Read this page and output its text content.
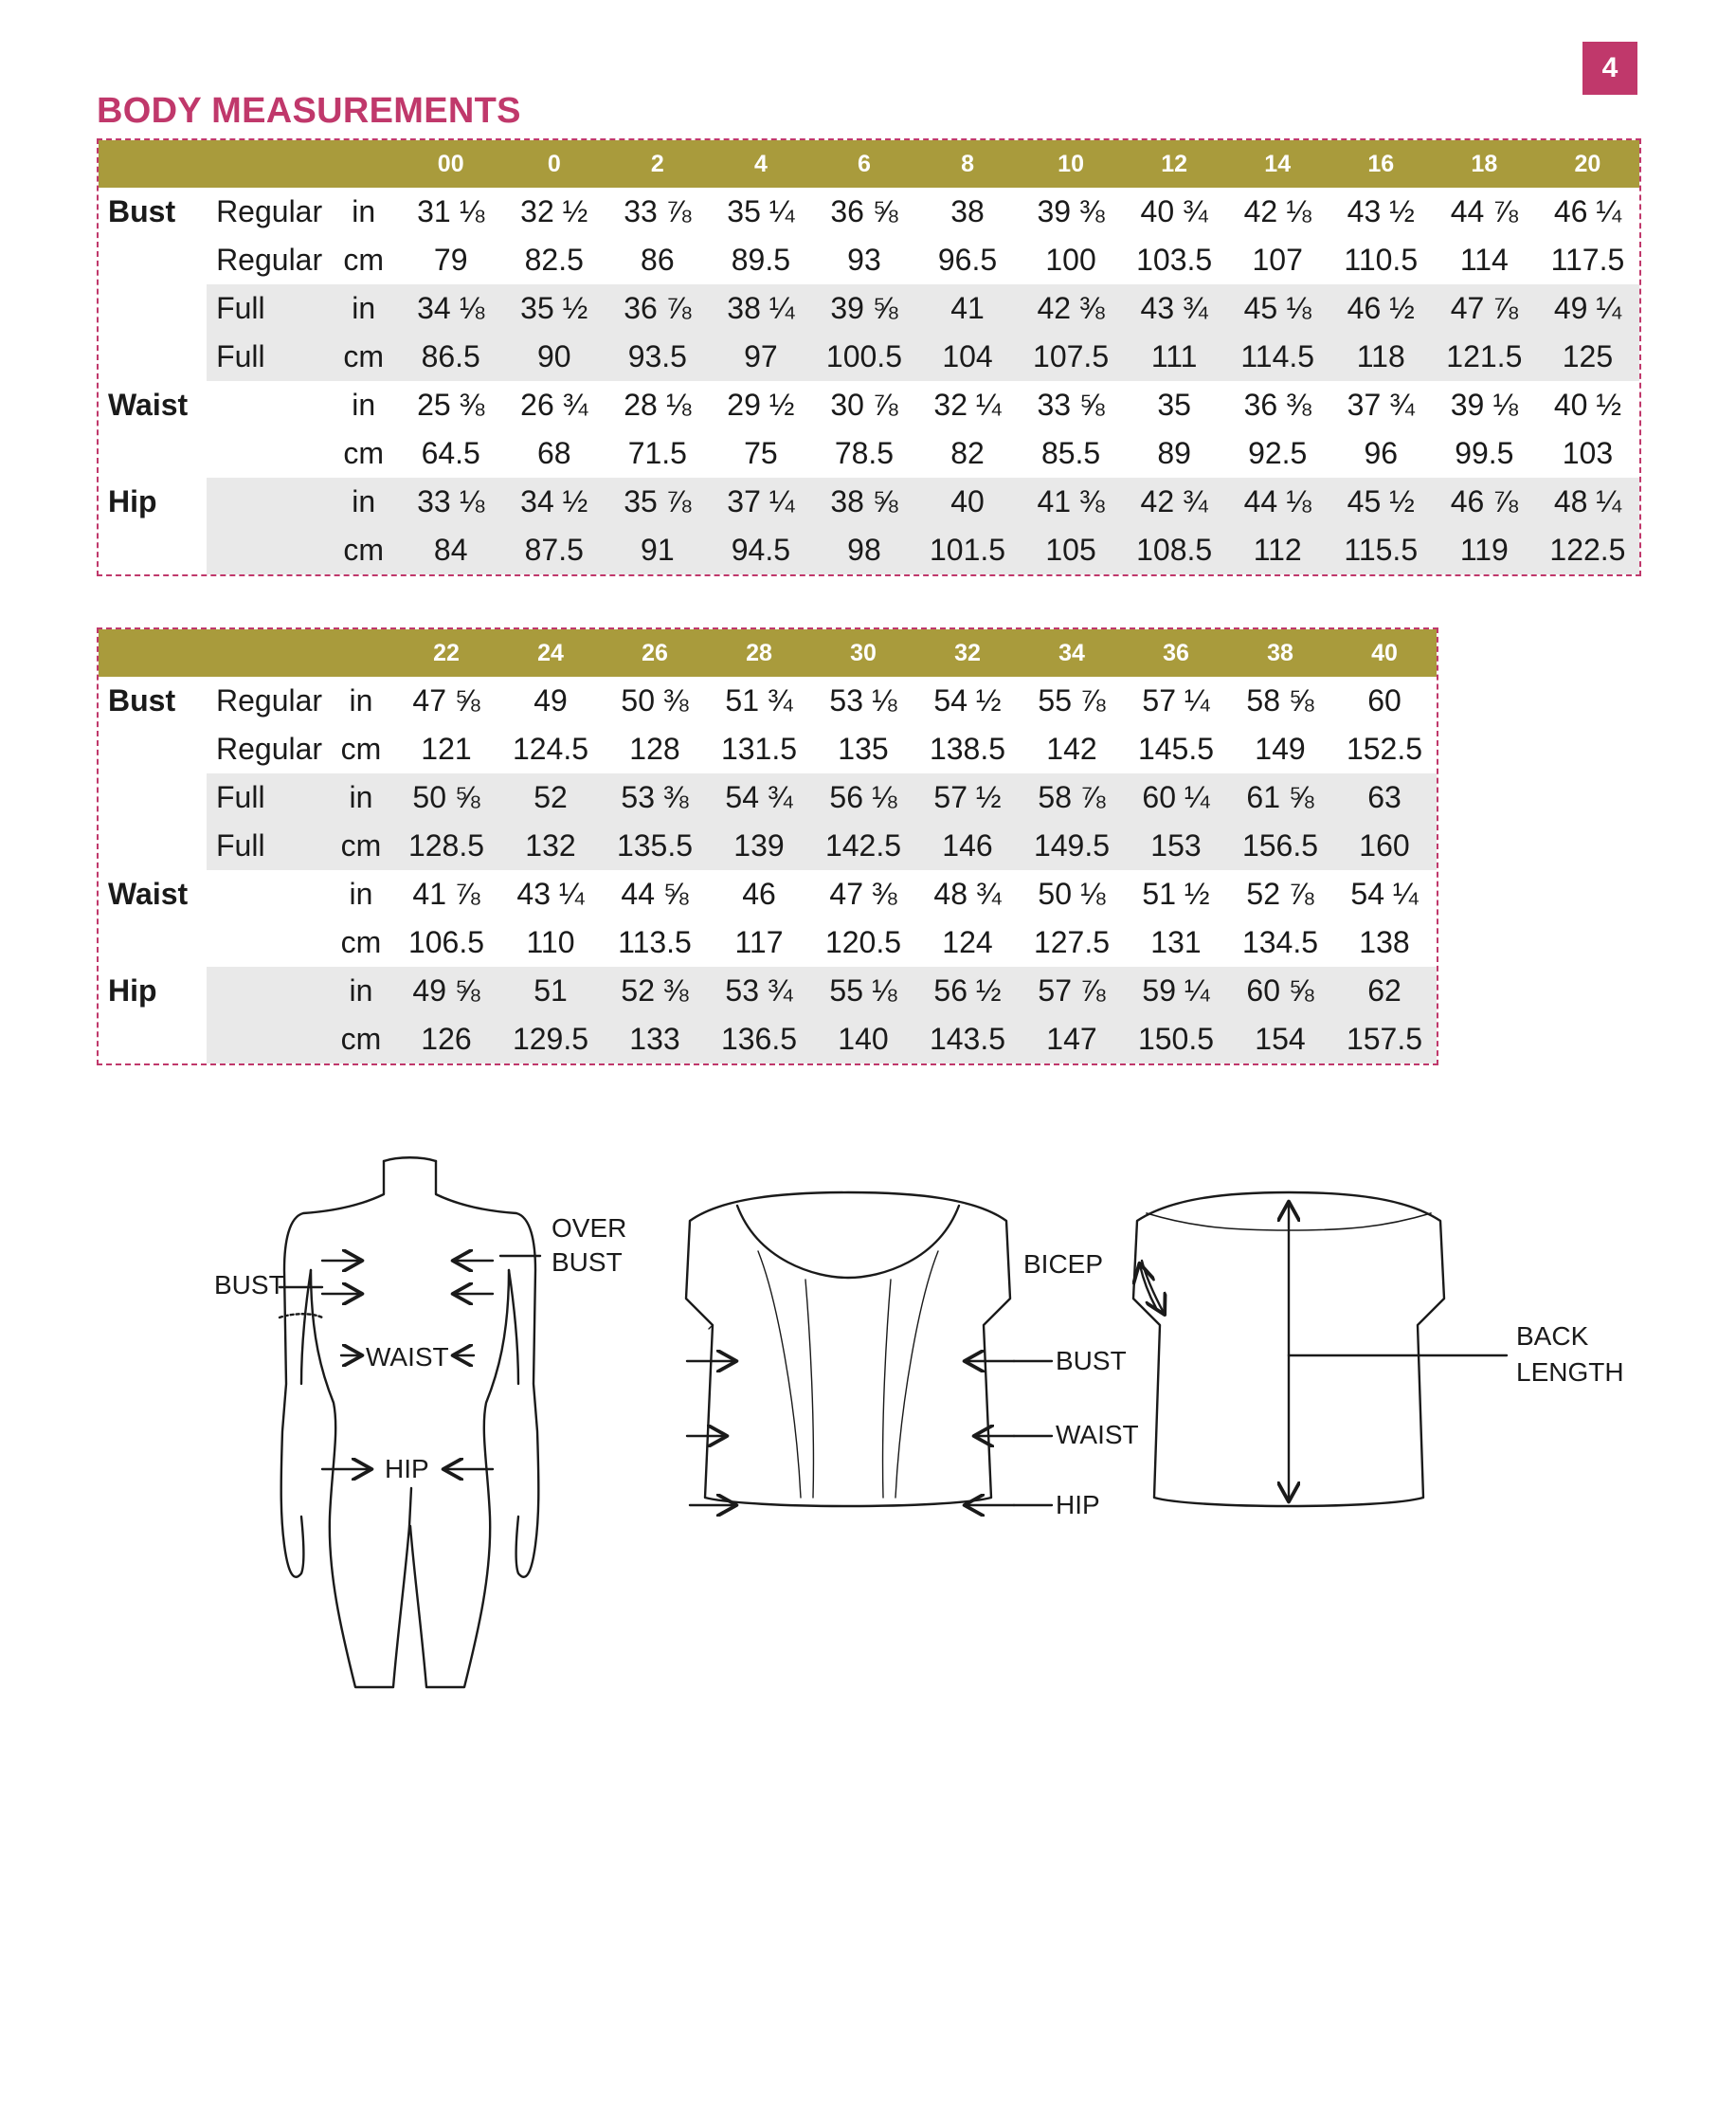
4
BODY MEASUREMENTS
			00	0	2	4	6	8	10	12	14	16	18	20
Bust	Regular	in	31 ⅛	32 ½	33 ⅞	35 ¼	36 ⅝	38	39 ⅜	40 ¾	42 ⅛	43 ½	44 ⅞	46 ¼
	Regular	cm	79	82.5	86	89.5	93	96.5	100	103.5	107	110.5	114	117.5
	Full	in	34 ⅛	35 ½	36 ⅞	38 ¼	39 ⅝	41	42 ⅜	43 ¾	45 ⅛	46 ½	47 ⅞	49 ¼
	Full	cm	86.5	90	93.5	97	100.5	104	107.5	111	114.5	118	121.5	125
Waist		in	25 ⅜	26 ¾	28 ⅛	29 ½	30 ⅞	32 ¼	33 ⅝	35	36 ⅜	37 ¾	39 ⅛	40 ½
		cm	64.5	68	71.5	75	78.5	82	85.5	89	92.5	96	99.5	103
Hip		in	33 ⅛	34 ½	35 ⅞	37 ¼	38 ⅝	40	41 ⅜	42 ¾	44 ⅛	45 ½	46 ⅞	48 ¼
		cm	84	87.5	91	94.5	98	101.5	105	108.5	112	115.5	119	122.5
			22	24	26	28	30	32	34	36	38	40
Bust	Regular	in	47 ⅝	49	50 ⅜	51 ¾	53 ⅛	54 ½	55 ⅞	57 ¼	58 ⅝	60
	Regular	cm	121	124.5	128	131.5	135	138.5	142	145.5	149	152.5
	Full	in	50 ⅝	52	53 ⅜	54 ¾	56 ⅛	57 ½	58 ⅞	60 ¼	61 ⅝	63
	Full	cm	128.5	132	135.5	139	142.5	146	149.5	153	156.5	160
Waist		in	41 ⅞	43 ¼	44 ⅝	46	47 ⅜	48 ¾	50 ⅛	51 ½	52 ⅞	54 ¼
		cm	106.5	110	113.5	117	120.5	124	127.5	131	134.5	138
Hip		in	49 ⅝	51	52 ⅜	53 ¾	55 ⅛	56 ½	57 ⅞	59 ¼	60 ⅝	62
		cm	126	129.5	133	136.5	140	143.5	147	150.5	154	157.5
BUST
OVER
BUST
WAIST
HIP
BUST
WAIST
HIP
BICEP
BACK
LENGTH
